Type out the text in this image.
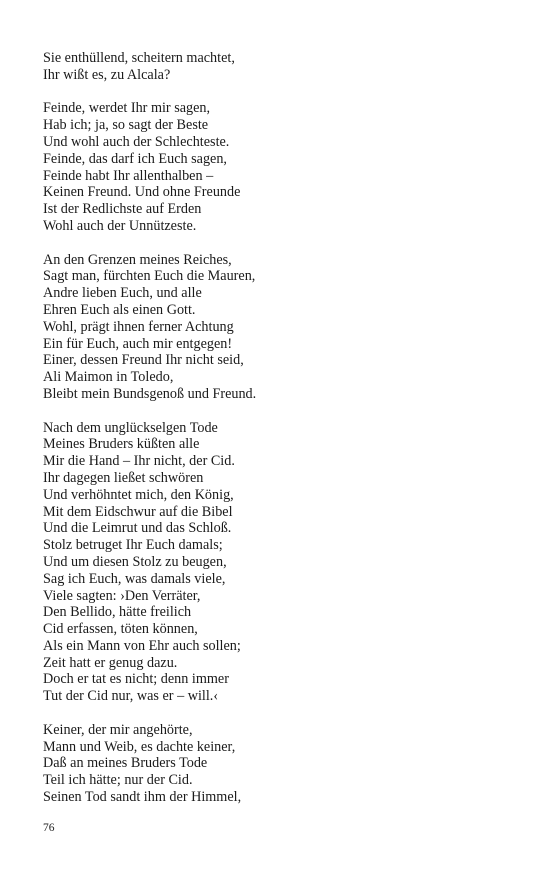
Sie enthüllend, scheitern machtet,
Ihr wißt es, zu Alcala?
Feinde, werdet Ihr mir sagen,
Hab ich; ja, so sagt der Beste
Und wohl auch der Schlechteste.
Feinde, das darf ich Euch sagen,
Feinde habt Ihr allenthalben –
Keinen Freund. Und ohne Freunde
Ist der Redlichste auf Erden
Wohl auch der Unnützeste.
An den Grenzen meines Reiches,
Sagt man, fürchten Euch die Mauren,
Andre lieben Euch, und alle
Ehren Euch als einen Gott.
Wohl, prägt ihnen ferner Achtung
Ein für Euch, auch mir entgegen!
Einer, dessen Freund Ihr nicht seid,
Ali Maimon in Toledo,
Bleibt mein Bundsgenoß und Freund.
Nach dem unglückselgen Tode
Meines Bruders küßten alle
Mir die Hand – Ihr nicht, der Cid.
Ihr dagegen ließet schwören
Und verhöhntet mich, den König,
Mit dem Eidschwur auf die Bibel
Und die Leimrut und das Schloß.
Stolz betruget Ihr Euch damals;
Und um diesen Stolz zu beugen,
Sag ich Euch, was damals viele,
Viele sagten: ›Den Verräter,
Den Bellido, hätte freilich
Cid erfassen, töten können,
Als ein Mann von Ehr auch sollen;
Zeit hatt er genug dazu.
Doch er tat es nicht; denn immer
Tut der Cid nur, was er – will.‹
Keiner, der mir angehörte,
Mann und Weib, es dachte keiner,
Daß an meines Bruders Tode
Teil ich hätte; nur der Cid.
Seinen Tod sandt ihm der Himmel,
76
